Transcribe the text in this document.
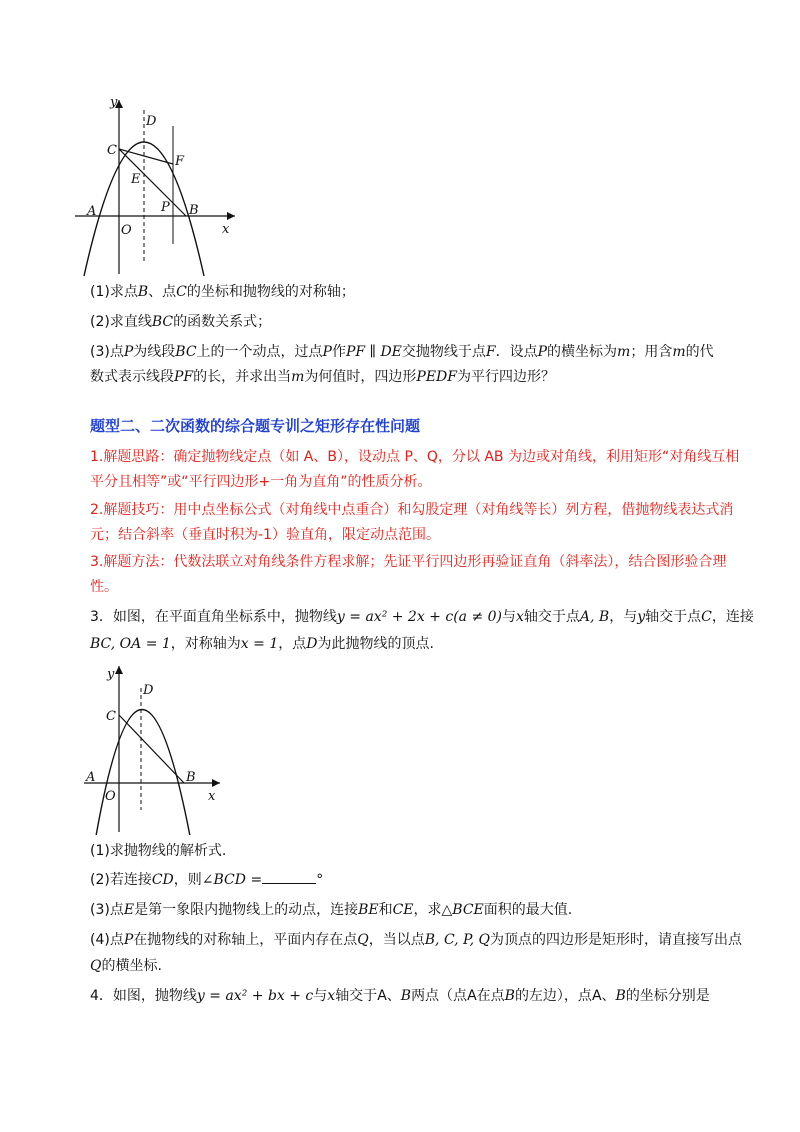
y
x
D
C
F
E
A
O
P B
(1)求点B、点C的坐标和抛物线的对称轴；
(2)求直线BC的函数关系式；
(3)点P为线段BC上的一个动点，过点P作PF ∥ DE交抛物线于点F．设点P的横坐标为m；用含m的代
数式表示线段PF的长，并求出当m为何值时，四边形PEDF为平行四边形？
题型二、二次函数的综合题专训之矩形存在性问题
1.解题思路：确定抛物线定点（如 A、B），设动点 P、Q，分以 AB 为边或对角线，利用矩形“对角线互相
平分且相等”或“平行四边形+一角为直角”的性质分析。
2.解题技巧：用中点坐标公式（对角线中点重合）和勾股定理（对角线等长）列方程，借抛物线表达式消
元；结合斜率（垂直时积为-1）验直角，限定动点范围。
3.解题方法：代数法联立对角线条件方程求解；先证平行四边形再验证直角（斜率法），结合图形验合理
性。
3．如图，在平面直角坐标系中，抛物线y = ax² + 2x + c(a ≠ 0)与x轴交于点A, B，与y轴交于点C，连接
BC, OA = 1，对称轴为x = 1，点D为此抛物线的顶点.
y
x
D
C
A
O
B
(1)求抛物线的解析式.
(2)若连接CD，则∠BCD =	°
(3)点E是第一象限内抛物线上的动点，连接BE和CE，求△BCE面积的最大值.
(4)点P在抛物线的对称轴上，平面内存在点Q，当以点B, C, P, Q为顶点的四边形是矩形时，请直接写出点
Q的横坐标.
4．如图，抛物线y = ax² + bx + c与x轴交于A、B两点（点A在点B的左边），点A、B的坐标分别是
